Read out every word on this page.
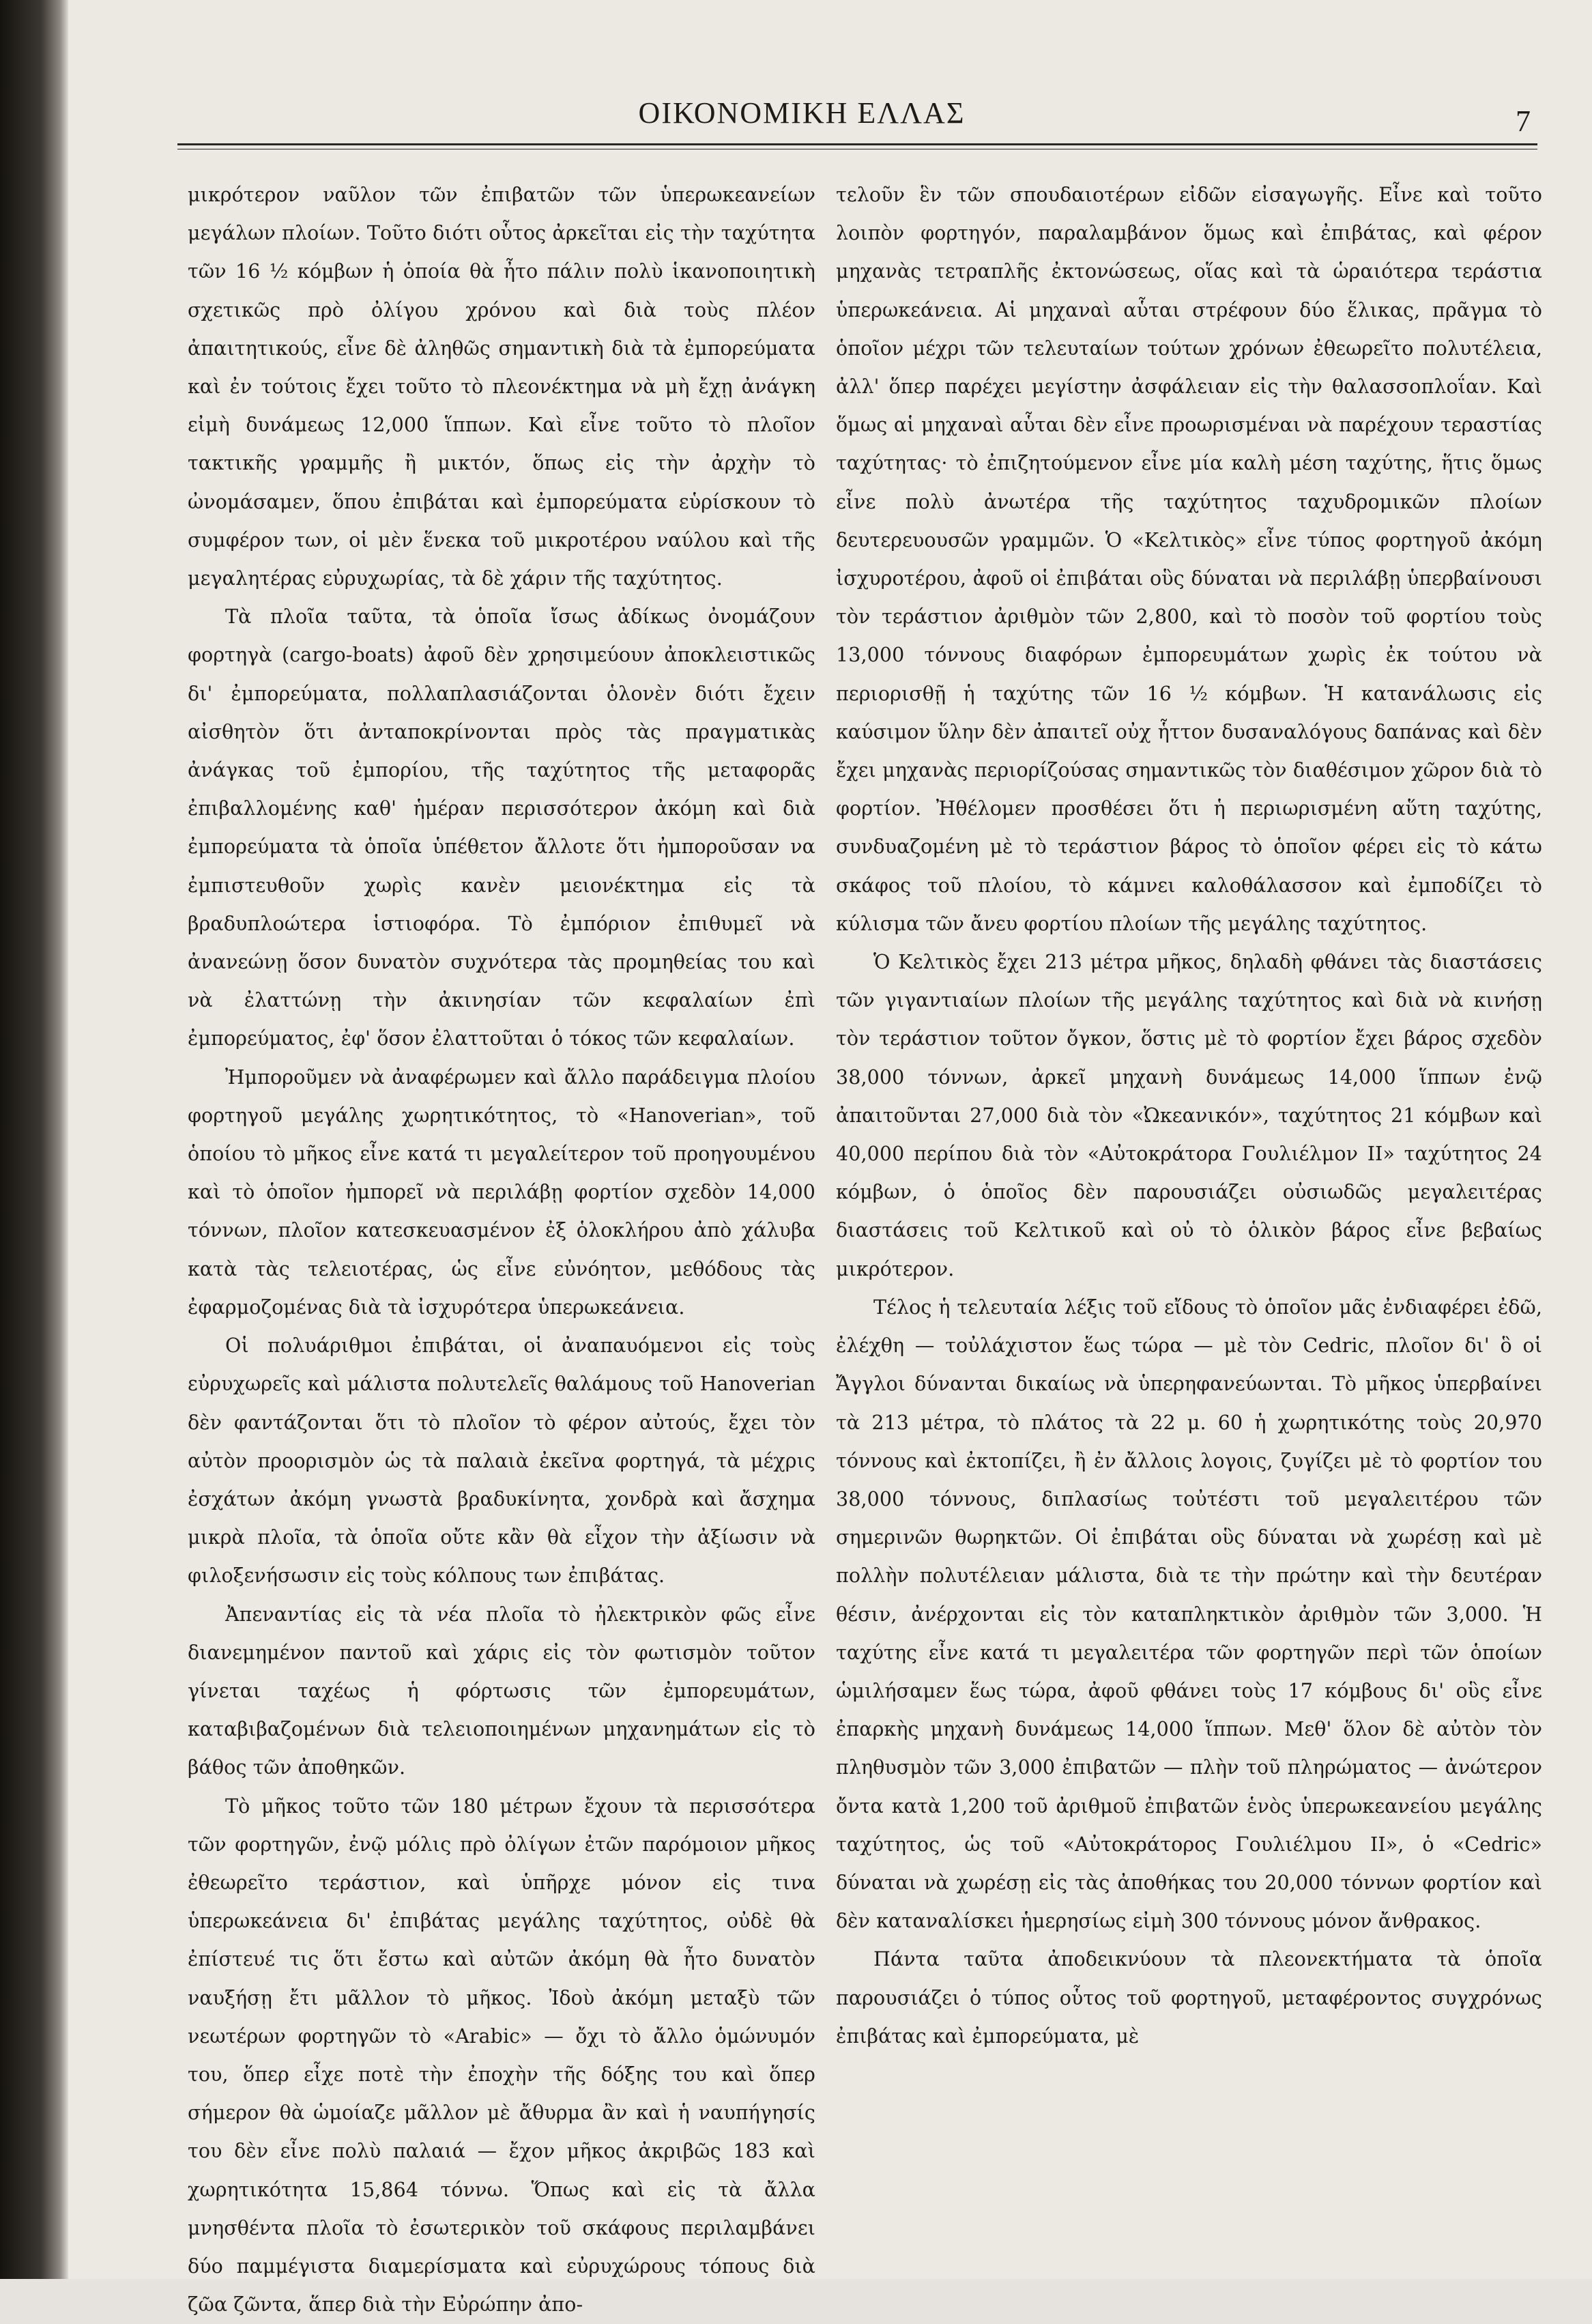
ΟΙΚΟΝΟΜΙΚΗ ΕΛΛΑΣ	7

μικρότερον ναῦλον τῶν ἐπιβατῶν τῶν ὑπερωκεανείων μεγάλων πλοίων. Τοῦτο διότι οὗτος ἀρκεῖται εἰς τὴν ταχύτητα τῶν 16 ½ κόμβων ἡ ὁποία θὰ ἦτο πάλιν πολὺ ἱκανοποιητικὴ σχετικῶς πρὸ ὀλίγου χρόνου καὶ διὰ τοὺς πλέον ἀπαιτητικούς, εἶνε δὲ ἀληθῶς σημαντικὴ διὰ τὰ ἐμπορεύματα καὶ ἐν τούτοις ἔχει τοῦτο τὸ πλεονέκτημα νὰ μὴ ἔχῃ ἀνάγκη εἰμὴ δυνάμεως 12,000 ἵππων. Καὶ εἶνε τοῦτο τὸ πλοῖον τακτικῆς γραμμῆς ἢ μικτόν, ὅπως εἰς τὴν ἀρχὴν τὸ ὠνομάσαμεν, ὅπου ἐπιβάται καὶ ἐμπορεύματα εὑρίσκουν τὸ συμφέρον των, οἱ μὲν ἕνεκα τοῦ μικροτέρου ναύλου καὶ τῆς μεγαλητέρας εὐρυχωρίας, τὰ δὲ χάριν τῆς ταχύτητος.

Τὰ πλοῖα ταῦτα, τὰ ὁποῖα ἴσως ἀδίκως ὀνομάζουν φορτηγὰ (cargo-boats) ἀφοῦ δὲν χρησιμεύουν ἀποκλειστικῶς δι' ἐμπορεύματα, πολλαπλασιάζονται ὁλονὲν διότι ἔχειν αἰσθητὸν ὅτι ἀνταποκρίνονται πρὸς τὰς πραγματικὰς ἀνάγκας τοῦ ἐμπορίου, τῆς ταχύτητος τῆς μεταφορᾶς ἐπιβαλλομένης καθ' ἡμέραν περισσότερον ἀκόμη καὶ διὰ ἐμπορεύματα τὰ ὁποῖα ὑπέθετον ἄλλοτε ὅτι ἠμποροῦσαν να ἐμπιστευθοῦν χωρὶς κανὲν μειονέκτημα εἰς τὰ βραδυπλοώτερα ἱστιοφόρα. Τὸ ἐμπόριον ἐπιθυμεῖ νὰ ἀνανεώνῃ ὅσον δυνατὸν συχνότερα τὰς προμηθείας του καὶ νὰ ἐλαττώνῃ τὴν ἀκινησίαν τῶν κεφαλαίων ἐπὶ ἐμπορεύματος, ἐφ' ὅσον ἐλαττοῦται ὁ τόκος τῶν κεφαλαίων.

Ἠμποροῦμεν νὰ ἀναφέρωμεν καὶ ἄλλο παράδειγμα πλοίου φορτηγοῦ μεγάλης χωρητικότητος, τὸ «Hanoverian», τοῦ ὁποίου τὸ μῆκος εἶνε κατά τι μεγαλείτερον τοῦ προηγουμένου καὶ τὸ ὁποῖον ἠμπορεῖ νὰ περιλάβῃ φορτίον σχεδὸν 14,000 τόννων, πλοῖον κατεσκευασμένον ἐξ ὁλοκλήρου ἀπὸ χάλυβα κατὰ τὰς τελειοτέρας, ὡς εἶνε εὐνόητον, μεθόδους τὰς ἐφαρμοζομένας διὰ τὰ ἰσχυρότερα ὑπερωκεάνεια.

Οἱ πολυάριθμοι ἐπιβάται, οἱ ἀναπαυόμενοι εἰς τοὺς εὐρυχωρεῖς καὶ μάλιστα πολυτελεῖς θαλάμους τοῦ Hanoverian δὲν φαντάζονται ὅτι τὸ πλοῖον τὸ φέρον αὐτούς, ἔχει τὸν αὐτὸν προορισμὸν ὡς τὰ παλαιὰ ἐκεῖνα φορτηγά, τὰ μέχρις ἐσχάτων ἀκόμη γνωστὰ βραδυκίνητα, χονδρὰ καὶ ἄσχημα μικρὰ πλοῖα, τὰ ὁποῖα οὔτε κἂν θὰ εἶχον τὴν ἀξίωσιν νὰ φιλοξενήσωσιν εἰς τοὺς κόλπους των ἐπιβάτας.

Ἀπεναντίας εἰς τὰ νέα πλοῖα τὸ ἠλεκτρικὸν φῶς εἶνε διανεμημένον παντοῦ καὶ χάρις εἰς τὸν φωτισμὸν τοῦτον γίνεται ταχέως ἡ φόρτωσις τῶν ἐμπορευμάτων, καταβιβαζομένων διὰ τελειοποιημένων μηχανημάτων εἰς τὸ βάθος τῶν ἀποθηκῶν.

Τὸ μῆκος τοῦτο τῶν 180 μέτρων ἔχουν τὰ περισσότερα τῶν φορτηγῶν, ἐνῷ μόλις πρὸ ὀλίγων ἐτῶν παρόμοιον μῆκος ἐθεωρεῖτο τεράστιον, καὶ ὑπῆρχε μόνον εἰς τινα ὑπερωκεάνεια δι' ἐπιβάτας μεγάλης ταχύτητος, οὐδὲ θὰ ἐπίστευέ τις ὅτι ἔστω καὶ αὐτῶν ἀκόμη θὰ ἦτο δυνατὸν ναυξήσῃ ἔτι μᾶλλον τὸ μῆκος. Ἰδοὺ ἀκόμη μεταξὺ τῶν νεωτέρων φορτηγῶν τὸ «Arabic» — ὄχι τὸ ἄλλο ὁμώνυμόν του, ὅπερ εἶχε ποτὲ τὴν ἐποχὴν τῆς δόξης του καὶ ὅπερ σήμερον θὰ ὡμοίαζε μᾶλλον μὲ ἄθυρμα ἂν καὶ ἡ ναυπήγησίς του δὲν εἶνε πολὺ παλαιά — ἔχον μῆκος ἀκριβῶς 183 καὶ χωρητικότητα 15,864 τόννω. Ὅπως καὶ εἰς τὰ ἄλλα μνησθέντα πλοῖα τὸ ἐσωτερικὸν τοῦ σκάφους περιλαμβάνει δύο παμμέγιστα διαμερίσματα καὶ εὐρυχώρους τόπους διὰ ζῶα ζῶντα, ἅπερ διὰ τὴν Εὐρώπην ἀπο-

τελοῦν ἓν τῶν σπουδαιοτέρων εἰδῶν εἰσαγωγῆς. Εἶνε καὶ τοῦτο λοιπὸν φορτηγόν, παραλαμβάνον ὅμως καὶ ἐπιβάτας, καὶ φέρον μηχανὰς τετραπλῆς ἐκτονώσεως, οἵας καὶ τὰ ὡραιότερα τεράστια ὑπερωκεάνεια. Αἱ μηχαναὶ αὗται στρέφουν δύο ἕλικας, πρᾶγμα τὸ ὁποῖον μέχρι τῶν τελευταίων τούτων χρόνων ἐθεωρεῖτο πολυτέλεια, ἀλλ' ὅπερ παρέχει μεγίστην ἀσφάλειαν εἰς τὴν θαλασσοπλοΐαν. Καὶ ὅμως αἱ μηχαναὶ αὗται δὲν εἶνε προωρισμέναι νὰ παρέχουν τεραστίας ταχύτητας· τὸ ἐπιζητούμενον εἶνε μία καλὴ μέση ταχύτης, ἥτις ὅμως εἶνε πολὺ ἀνωτέρα τῆς ταχύτητος ταχυδρομικῶν πλοίων δευτερευουσῶν γραμμῶν. Ὁ «Κελτικὸς» εἶνε τύπος φορτηγοῦ ἀκόμη ἰσχυροτέρου, ἀφοῦ οἱ ἐπιβάται οὓς δύναται νὰ περιλάβῃ ὑπερβαίνουσι τὸν τεράστιον ἀριθμὸν τῶν 2,800, καὶ τὸ ποσὸν τοῦ φορτίου τοὺς 13,000 τόννους διαφόρων ἐμπορευμάτων χωρὶς ἐκ τούτου νὰ περιορισθῇ ἡ ταχύτης τῶν 16 ½ κόμβων. Ἡ κατανάλωσις εἰς καύσιμον ὕλην δὲν ἀπαιτεῖ οὐχ ἧττον δυσαναλόγους δαπάνας καὶ δὲν ἔχει μηχανὰς περιορίζούσας σημαντικῶς τὸν διαθέσιμον χῶρον διὰ τὸ φορτίον. Ἠθέλομεν προσθέσει ὅτι ἡ περιωρισμένη αὕτη ταχύτης, συνδυαζομένη μὲ τὸ τεράστιον βάρος τὸ ὁποῖον φέρει εἰς τὸ κάτω σκάφος τοῦ πλοίου, τὸ κάμνει καλοθάλασσον καὶ ἐμποδίζει τὸ κύλισμα τῶν ἄνευ φορτίου πλοίων τῆς μεγάλης ταχύτητος.

Ὁ Κελτικὸς ἔχει 213 μέτρα μῆκος, δηλαδὴ φθάνει τὰς διαστάσεις τῶν γιγαντιαίων πλοίων τῆς μεγάλης ταχύτητος καὶ διὰ νὰ κινήσῃ τὸν τεράστιον τοῦτον ὄγκον, ὅστις μὲ τὸ φορτίον ἔχει βάρος σχεδὸν 38,000 τόννων, ἀρκεῖ μηχανὴ δυνάμεως 14,000 ἵππων ἐνῷ ἀπαιτοῦνται 27,000 διὰ τὸν «Ὠκεανικόν», ταχύτητος 21 κόμβων καὶ 40,000 περίπου διὰ τὸν «Αὐτοκράτορα Γουλιέλμον II» ταχύτητος 24 κόμβων, ὁ ὁποῖος δὲν παρουσιάζει οὐσιωδῶς μεγαλειτέρας διαστάσεις τοῦ Κελτικοῦ καὶ οὐ τὸ ὁλικὸν βάρος εἶνε βεβαίως μικρότερον.

Τέλος ἡ τελευταία λέξις τοῦ εἴδους τὸ ὁποῖον μᾶς ἐνδιαφέρει ἐδῶ, ἐλέχθη — τοὐλάχιστον ἕως τώρα — μὲ τὸν Cedric, πλοῖον δι' ὃ οἱ Ἄγγλοι δύνανται δικαίως νὰ ὑπερηφανεύωνται. Τὸ μῆκος ὑπερβαίνει τὰ 213 μέτρα, τὸ πλάτος τὰ 22 μ. 60 ἡ χωρητικότης τοὺς 20,970 τόννους καὶ ἐκτοπίζει, ἢ ἐν ἄλλοις λογοις, ζυγίζει μὲ τὸ φορτίον του 38,000 τόννους, διπλασίως τοὐτέστι τοῦ μεγαλειτέρου τῶν σημερινῶν θωρηκτῶν. Οἱ ἐπιβάται οὓς δύναται νὰ χωρέσῃ καὶ μὲ πολλὴν πολυτέλειαν μάλιστα, διὰ τε τὴν πρώτην καὶ τὴν δευτέραν θέσιν, ἀνέρχονται εἰς τὸν καταπληκτικὸν ἀριθμὸν τῶν 3,000. Ἡ ταχύτης εἶνε κατά τι μεγαλειτέρα τῶν φορτηγῶν περὶ τῶν ὁποίων ὡμιλήσαμεν ἕως τώρα, ἀφοῦ φθάνει τοὺς 17 κόμβους δι' οὓς εἶνε ἐπαρκὴς μηχανὴ δυνάμεως 14,000 ἵππων. Μεθ' ὅλον δὲ αὐτὸν τὸν πληθυσμὸν τῶν 3,000 ἐπιβατῶν — πλὴν τοῦ πληρώματος — ἀνώτερον ὄντα κατὰ 1,200 τοῦ ἀριθμοῦ ἐπιβατῶν ἑνὸς ὑπερωκεανείου μεγάλης ταχύτητος, ὡς τοῦ «Αὐτοκράτορος Γουλιέλμου II», ὁ «Cedric» δύναται νὰ χωρέσῃ εἰς τὰς ἀποθήκας του 20,000 τόννων φορτίον καὶ δὲν καταναλίσκει ἡμερησίως εἰμὴ 300 τόννους μόνον ἄνθρακος.

Πάντα ταῦτα ἀποδεικνύουν τὰ πλεονεκτήματα τὰ ὁποῖα παρουσιάζει ὁ τύπος οὗτος τοῦ φορτηγοῦ, μεταφέροντος συγχρόνως ἐπιβάτας καὶ ἐμπορεύματα, μὲ
